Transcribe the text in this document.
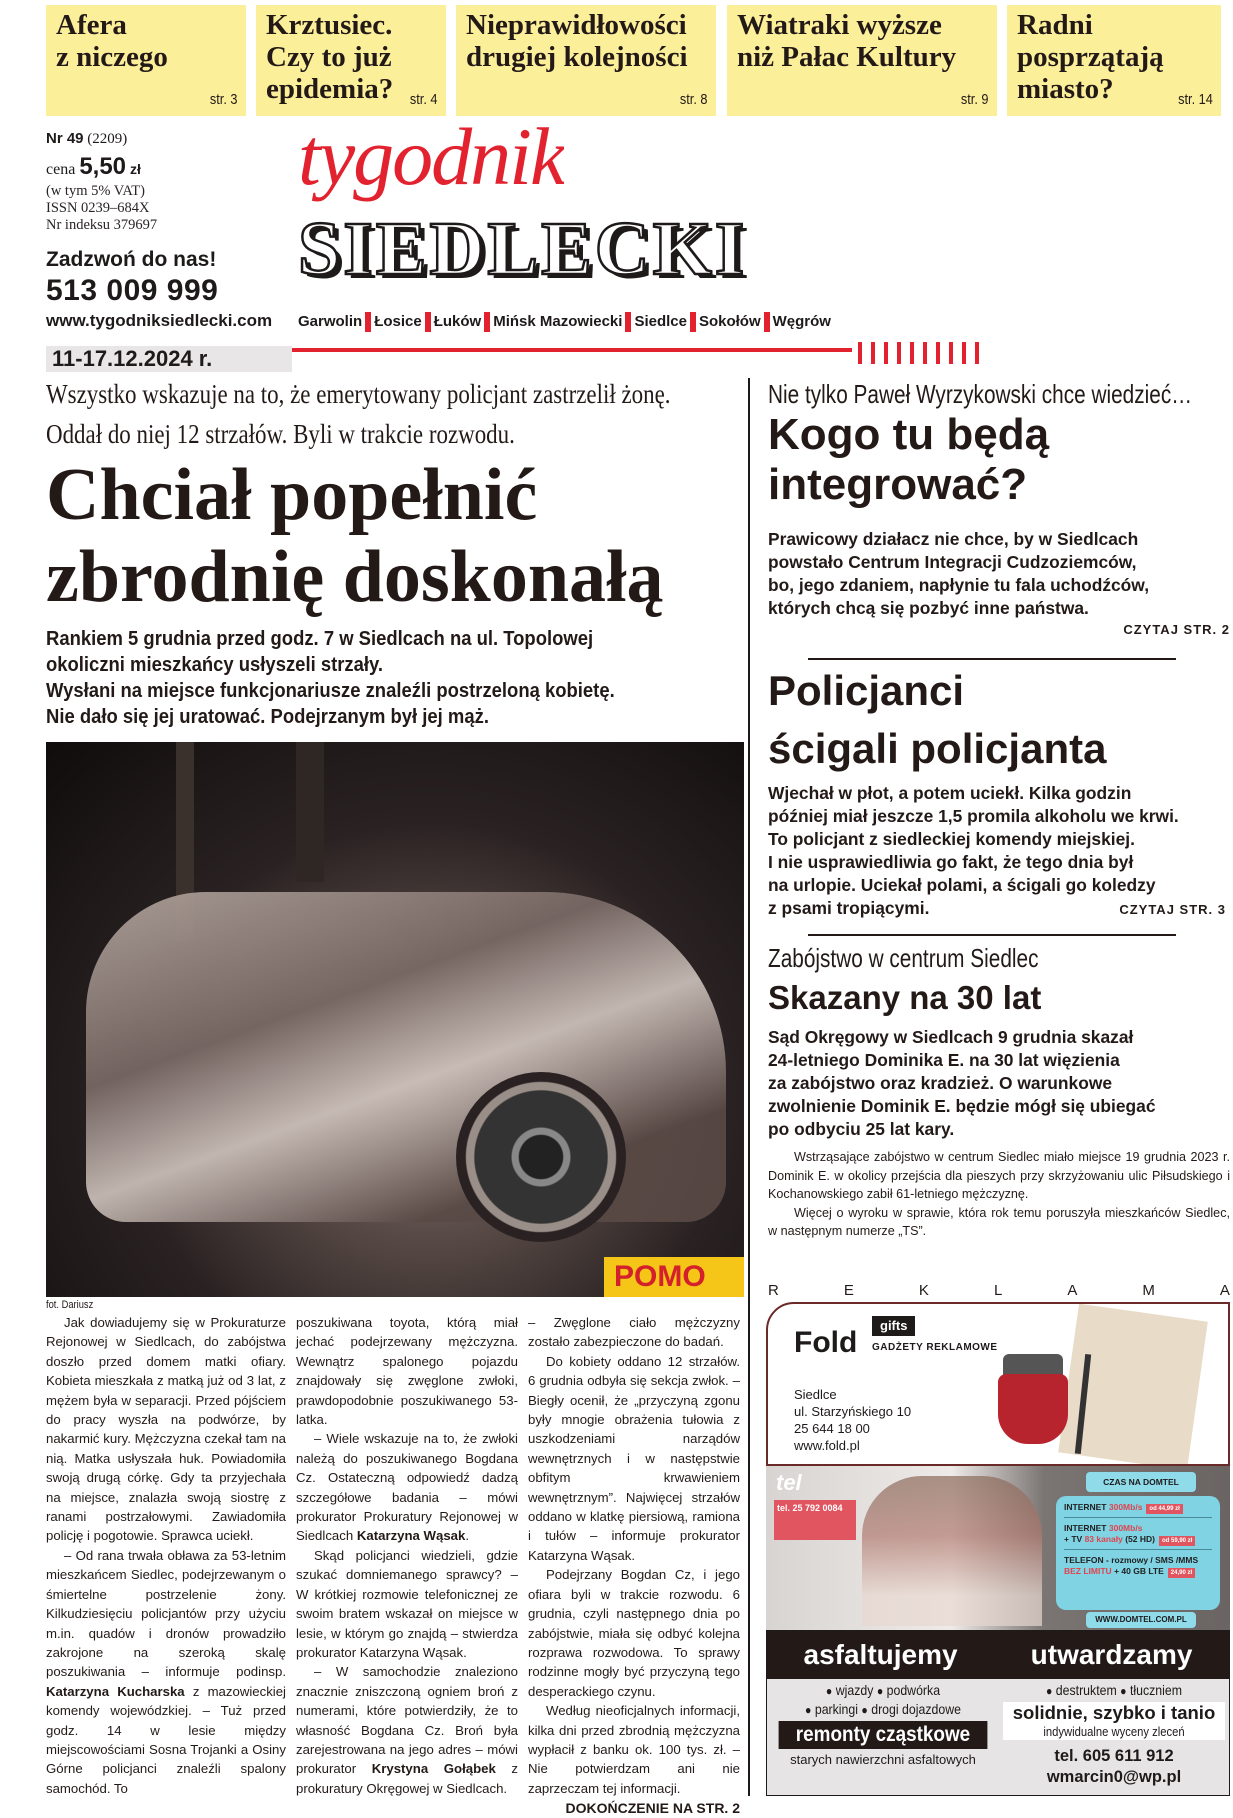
Afera
z niczego
str. 3
Krztusiec.
Czy to już
epidemia?	str. 4
Nieprawidłowości
drugiej kolejności
str. 8
Wiatraki wyższe
niż Pałac Kultury
str. 9
Radni
posprzątają
miasto?	str. 14
Nr 49 (2209)
cena 5,50 zł
(w tym 5% VAT)
ISSN 0239–684X
Nr indeksu 379697
Zadzwoń do nas!
513 009 999
www.tygodniksiedlecki.com
11-17.12.2024 r.
tygodnik
SIEDLECKI
Garwolin Łosice Łuków Mińsk Mazowiecki Siedlce Sokołów Węgrów
Wszystko wskazuje na to, że emerytowany policjant zastrzelił żonę.
Oddał do niej 12 strzałów. Byli w trakcie rozwodu.
Chciał popełnić
zbrodnię doskonałą
Rankiem 5 grudnia przed godz. 7 w Siedlcach na ul. Topolowej
okoliczni mieszkańcy usłyszeli strzały.
Wysłani na miejsce funkcjonariusze znaleźli postrzeloną kobietę.
Nie dało się jej uratować. Podejrzanym był jej mąż.
POMO
fot. Dariusz

Jak dowiadujemy się w Prokuraturze Rejonowej w Siedlcach, do zabójstwa doszło przed domem matki ofiary. Kobieta mieszkała z matką już od 3 lat, z mężem była w separacji. Przed pójściem do pracy wyszła na podwórze, by nakarmić kury. Mężczyzna czekał tam na nią. Matka usłyszała huk. Powiadomiła swoją drugą córkę. Gdy ta przyjechała na miejsce, znalazła swoją siostrę z ranami postrzałowymi. Zawiadomiła policję i pogotowie. Sprawca uciekł.

– Od rana trwała obława za 53-letnim mieszkańcem Siedlec, podejrzewanym o śmiertelne postrzelenie żony. Kilkudziesięciu policjantów przy użyciu m.in. quadów i dronów prowadziło zakrojone na szeroką skalę poszukiwania – informuje podinsp. Katarzyna Kucharska z mazowieckiej komendy wojewódzkiej. – Tuż przed godz. 14 w lesie między miejscowościami Sosna Trojanki a Osiny Górne policjanci znaleźli spalony samochód. To

poszukiwana toyota, którą miał jechać podejrzewany mężczyzna. Wewnątrz spalonego pojazdu znajdowały się zwęglone zwłoki, prawdopodobnie poszukiwanego 53-latka.

– Wiele wskazuje na to, że zwłoki należą do poszukiwanego Bogdana Cz. Ostateczną odpowiedź dadzą szczegółowe badania – mówi prokurator Prokuratury Rejonowej w Siedlcach Katarzyna Wąsak.

Skąd policjanci wiedzieli, gdzie szukać domniemanego sprawcy? – W krótkiej rozmowie telefonicznej ze swoim bratem wskazał on miejsce w lesie, w którym go znajdą – stwierdza prokurator Katarzyna Wąsak.

– W samochodzie znaleziono znacznie zniszczoną ogniem broń z numerami, które potwierdziły, że to własność Bogdana Cz. Broń była zarejestrowana na jego adres – mówi prokurator Krystyna Gołąbek z prokuratury Okręgowej w Siedlcach.

– Zwęglone ciało mężczyzny zostało zabezpieczone do badań.

Do kobiety oddano 12 strzałów. 6 grudnia odbyła się sekcja zwłok. – Biegły ocenił, że „przyczyną zgonu były mnogie obrażenia tułowia z uszkodzeniami narządów wewnętrznych i w następstwie obfitym krwawieniem wewnętrznym”. Najwięcej strzałów oddano w klatkę piersiową, ramiona i tułów – informuje prokurator Katarzyna Wąsak.

Podejrzany Bogdan Cz, i jego ofiara byli w trakcie rozwodu. 6 grudnia, czyli następnego dnia po zabójstwie, miała się odbyć kolejna rozprawa rozwodowa. To sprawy rodzinne mogły być przyczyną tego desperackiego czynu.

Według nieoficjalnych informacji, kilka dni przed zbrodnią mężczyzna wypłacił z banku ok. 100 tys. zł. – Nie potwierdzam ani nie zaprzeczam tej informacji.

DOKOŃCZENIE NA STR. 2
Nie tylko Paweł Wyrzykowski chce wiedzieć…
Kogo tu będą
integrować?
Prawicowy działacz nie chce, by w Siedlcach
powstało Centrum Integracji Cudzoziemców,
bo, jego zdaniem, napłynie tu fala uchodźców,
których chcą się pozbyć inne państwa.
CZYTAJ STR. 2
Policjanci
ścigali policjanta
Wjechał w płot, a potem uciekł. Kilka godzin
później miał jeszcze 1,5 promila alkoholu we krwi.
To policjant z siedleckiej komendy miejskiej.
I nie usprawiedliwia go fakt, że tego dnia był
na urlopie. Uciekał polami, a ścigali go koledzy
z psami tropiącymi.	CZYTAJ STR. 3
Zabójstwo w centrum Siedlec
Skazany na 30 lat
Sąd Okręgowy w Siedlcach 9 grudnia skazał
24-letniego Dominika E. na 30 lat więzienia
za zabójstwo oraz kradzież. O warunkowe
zwolnienie Dominik E. będzie mógł się ubiegać
po odbyciu 25 lat kary.

Wstrząsające zabójstwo w centrum Siedlec miało miejsce 19 grudnia 2023 r. Dominik E. w okolicy przejścia dla pieszych przy skrzyżowaniu ulic Piłsudskiego i Kochanowskiego zabił 61-letniego mężczyznę.

Więcej o wyroku w sprawie, która rok temu poruszyła mieszkańców Siedlec, w następnym numerze „TS”.

R	E	K	L	A	M	A
Fold
gifts
GADŻETY REKLAMOWE
Siedlce
ul. Starzyńskiego 10
25 644 18 00
www.fold.pl
tel
tel. 25 792 0084
CZAS NA DOMTEL
INTERNET 300Mb/s od 44,99 zł
INTERNET 300Mb/s
+ TV 83 kanały (52 HD) od 59,90 zł
TELEFON - rozmowy / SMS /MMS
BEZ LIMITU + 40 GB LTE 24,90 zł
WWW.DOMTEL.COM.PL
asfaltujemy	utwardzamy
● wjazdy ● podwórka
● parkingi ● drogi dojazdowe
remonty cząstkowe
starych nawierzchni asfaltowych
● destruktem ● tłuczniem
solidnie, szybko i tanio
indywidualne wyceny zleceń
tel. 605 611 912
wmarcin0@wp.pl
